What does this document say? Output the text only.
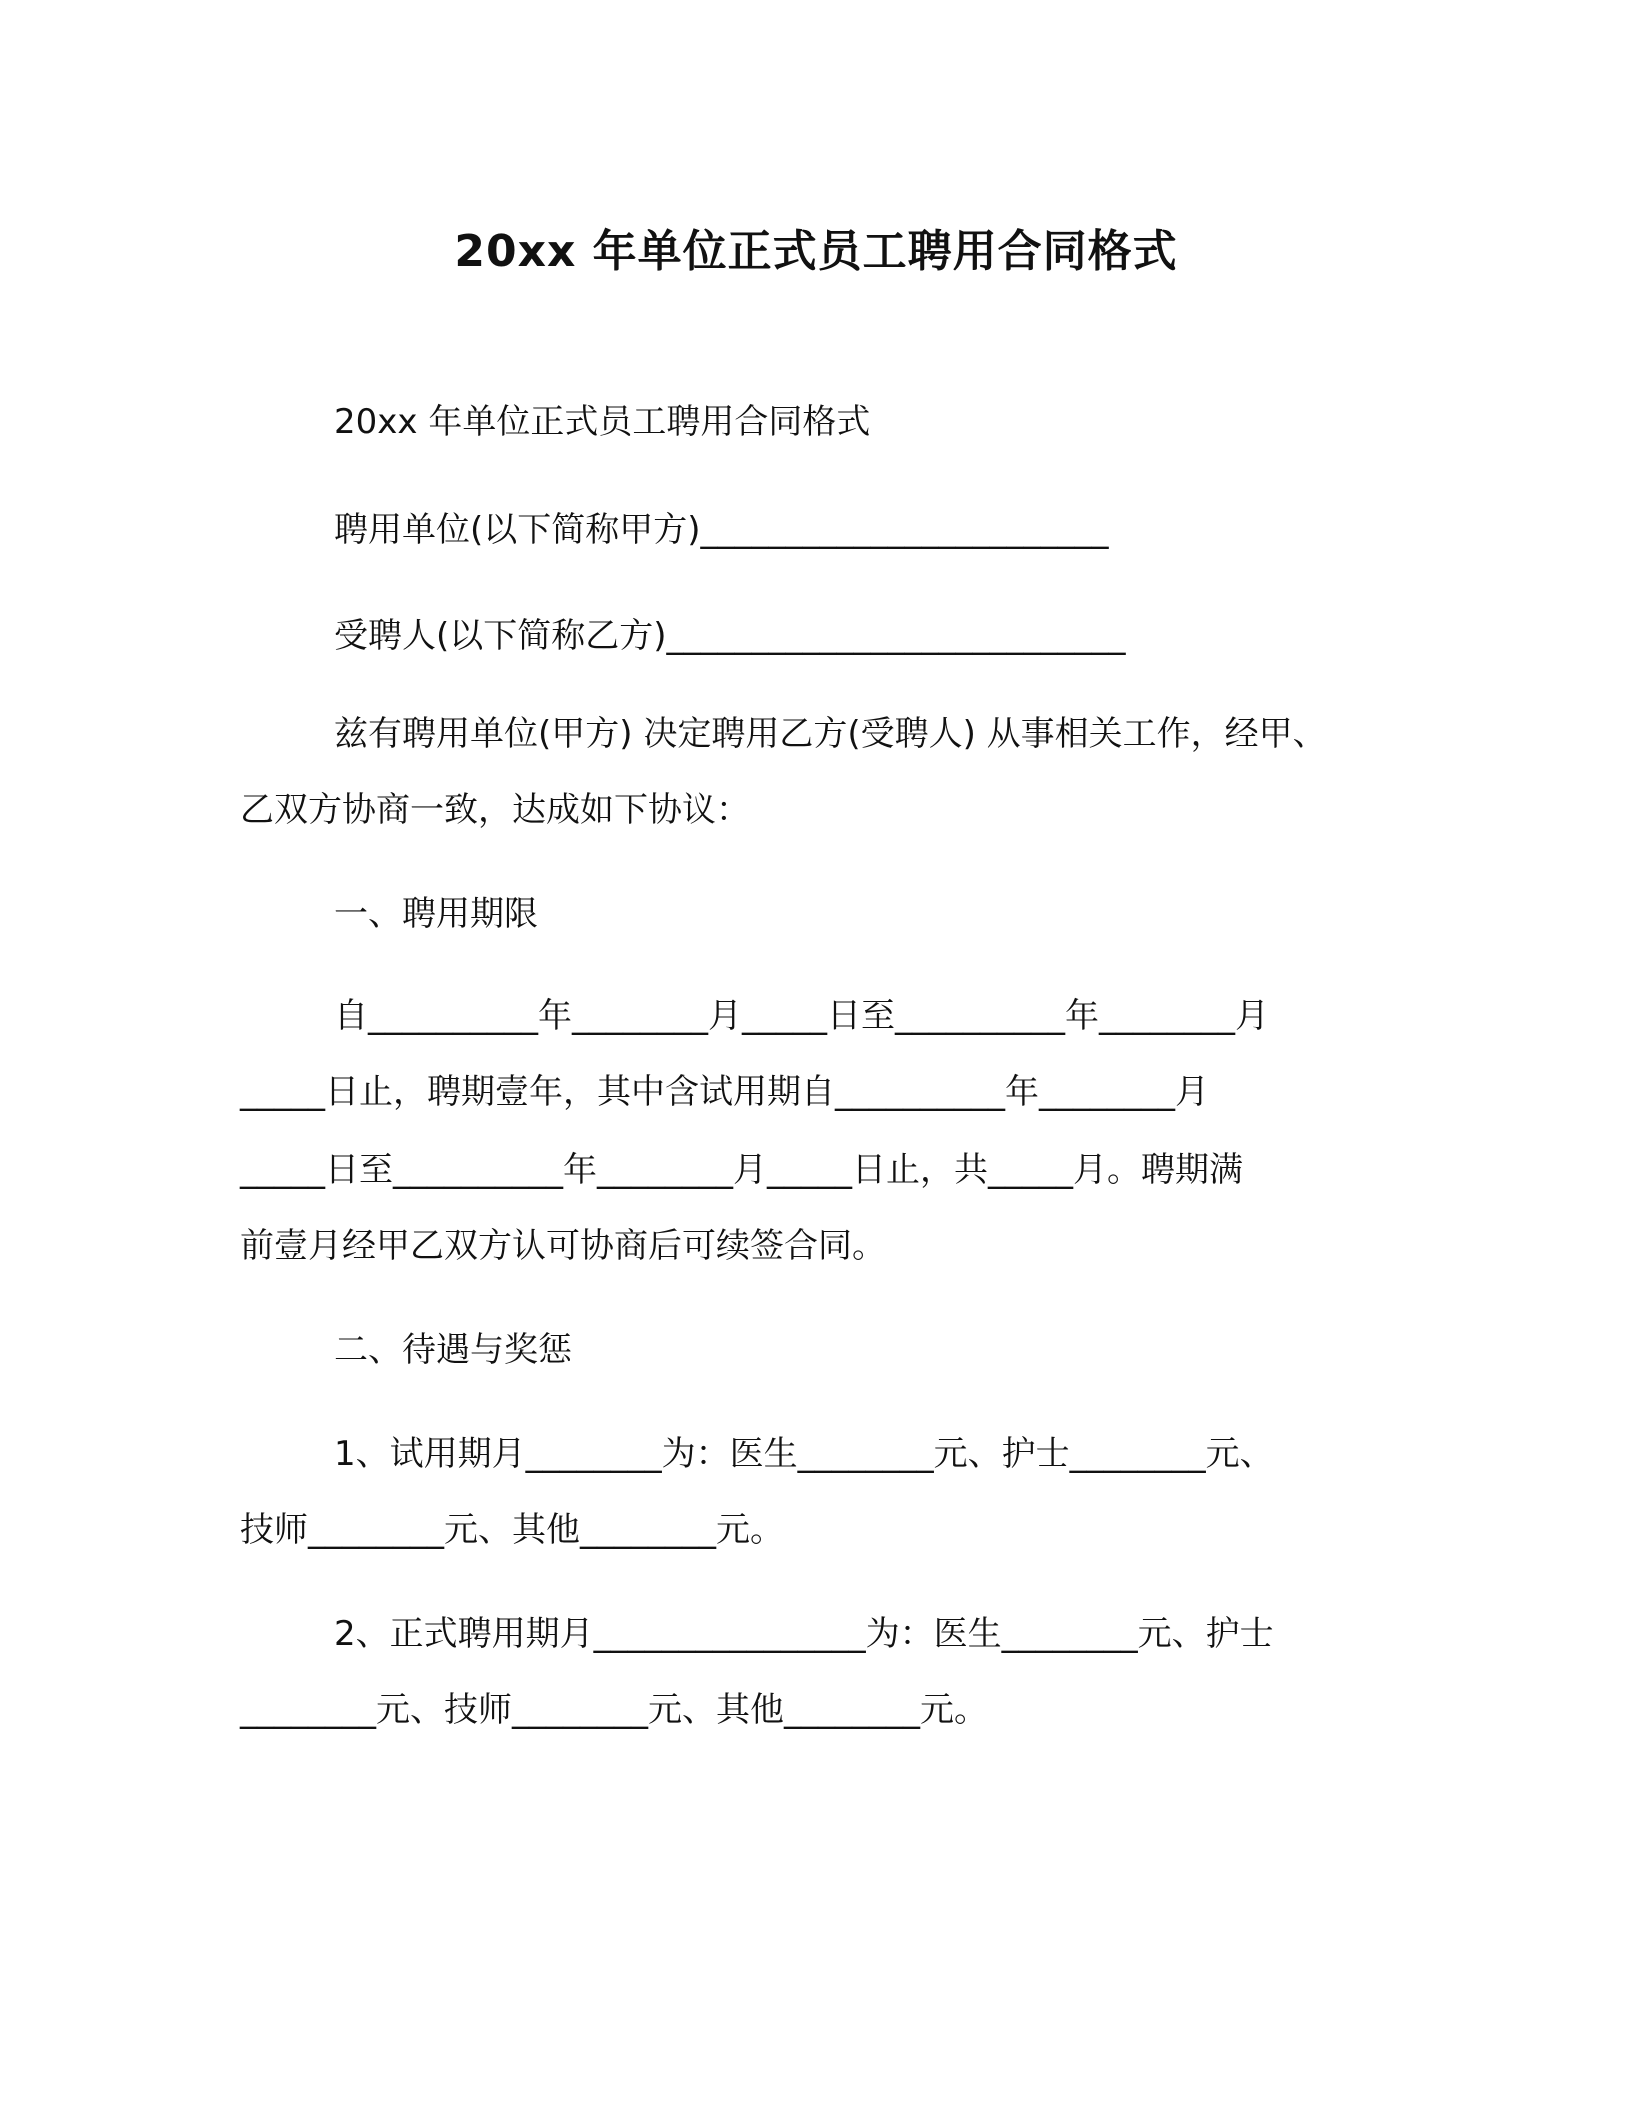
20xx 年单位正式员工聘用合同格式
20xx 年单位正式员工聘用合同格式
聘用单位(以下简称甲方)________________________
受聘人(以下简称乙方)___________________________
兹有聘用单位(甲方) 决定聘用乙方(受聘人) 从事相关工作，经甲、
乙双方协商一致，达成如下协议：
一、聘用期限
自__________年________月_____日至__________年________月
_____日止，聘期壹年，其中含试用期自__________年________月
_____日至__________年________月_____日止，共_____月。聘期满
前壹月经甲乙双方认可协商后可续签合同。
二、待遇与奖惩
1、试用期月________为：医生________元、护士________元、
技师________元、其他________元。
2、正式聘用期月________________为：医生________元、护士
________元、技师________元、其他________元。
